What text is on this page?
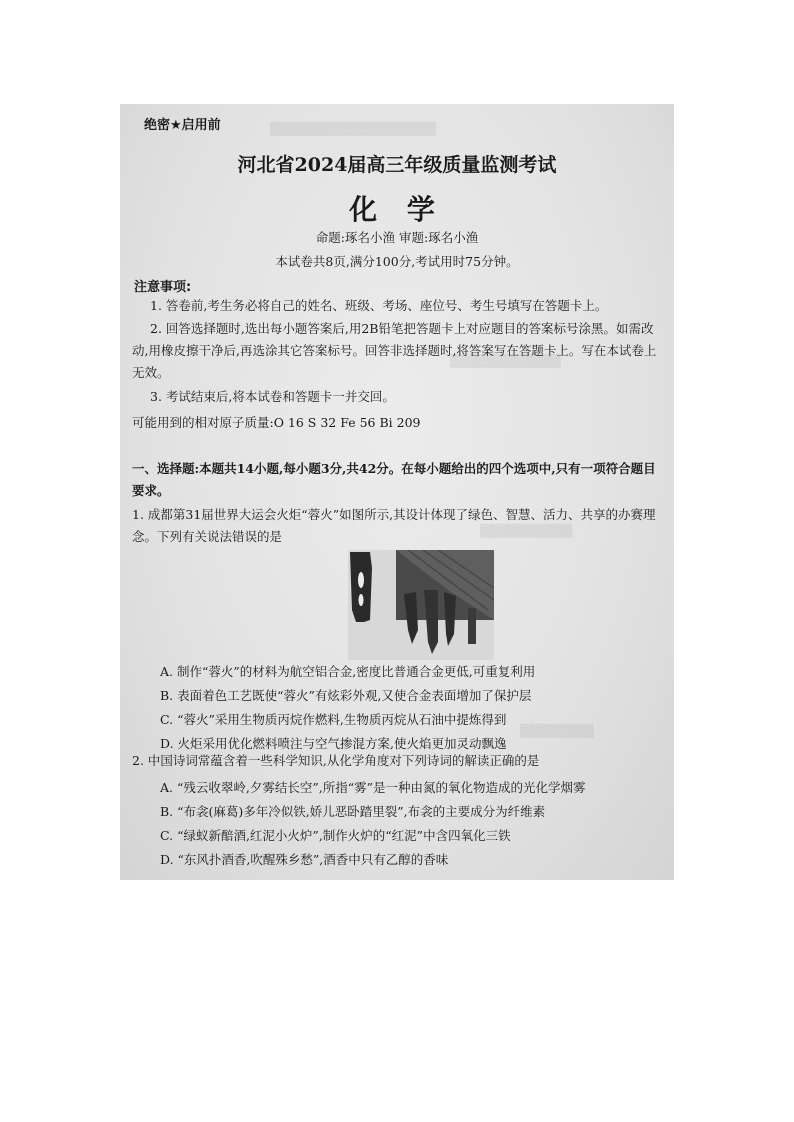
▒▒▒▒▒▒▒▒▒▒▒▒▒▒▒▒▒▒
▒▒▒▒▒▒▒▒▒▒▒▒
▒▒▒▒▒▒▒▒▒▒
▒▒▒▒▒▒▒▒
绝密★启用前
河北省2024届高三年级质量监测考试
化 学
命题:琢名小渔 审题:琢名小渔
本试卷共8页,满分100分,考试用时75分钟。
注意事项:
1. 答卷前,考生务必将自己的姓名、班级、考场、座位号、考生号填写在答题卡上。
2. 回答选择题时,选出每小题答案后,用2B铅笔把答题卡上对应题目的答案标号涂黑。如需改动,用橡皮擦干净后,再选涂其它答案标号。回答非选择题时,将答案写在答题卡上。写在本试卷上无效。
3. 考试结束后,将本试卷和答题卡一并交回。
可能用到的相对原子质量:O 16 S 32 Fe 56 Bi 209
一、选择题:本题共14小题,每小题3分,共42分。在每小题给出的四个选项中,只有一项符合题目要求。
1. 成都第31届世界大运会火炬“蓉火”如图所示,其设计体现了绿色、智慧、活力、共享的办赛理念。下列有关说法错误的是
A. 制作“蓉火”的材料为航空铝合金,密度比普通合金更低,可重复利用
B. 表面着色工艺既使“蓉火”有炫彩外观,又使合金表面增加了保护层
C. “蓉火”采用生物质丙烷作燃料,生物质丙烷从石油中提炼得到
D. 火炬采用优化燃料喷注与空气掺混方案,使火焰更加灵动飘逸
2. 中国诗词常蕴含着一些科学知识,从化学角度对下列诗词的解读正确的是
A. “残云收翠岭,夕雾结长空”,所指“雾”是一种由氮的氧化物造成的光化学烟雾
B. “布衾(麻葛)多年冷似铁,娇儿恶卧踏里裂”,布衾的主要成分为纤维素
C. “绿蚁新醅酒,红泥小火炉”,制作火炉的“红泥”中含四氧化三铁
D. “东风扑酒香,吹醒殊乡愁”,酒香中只有乙醇的香味
